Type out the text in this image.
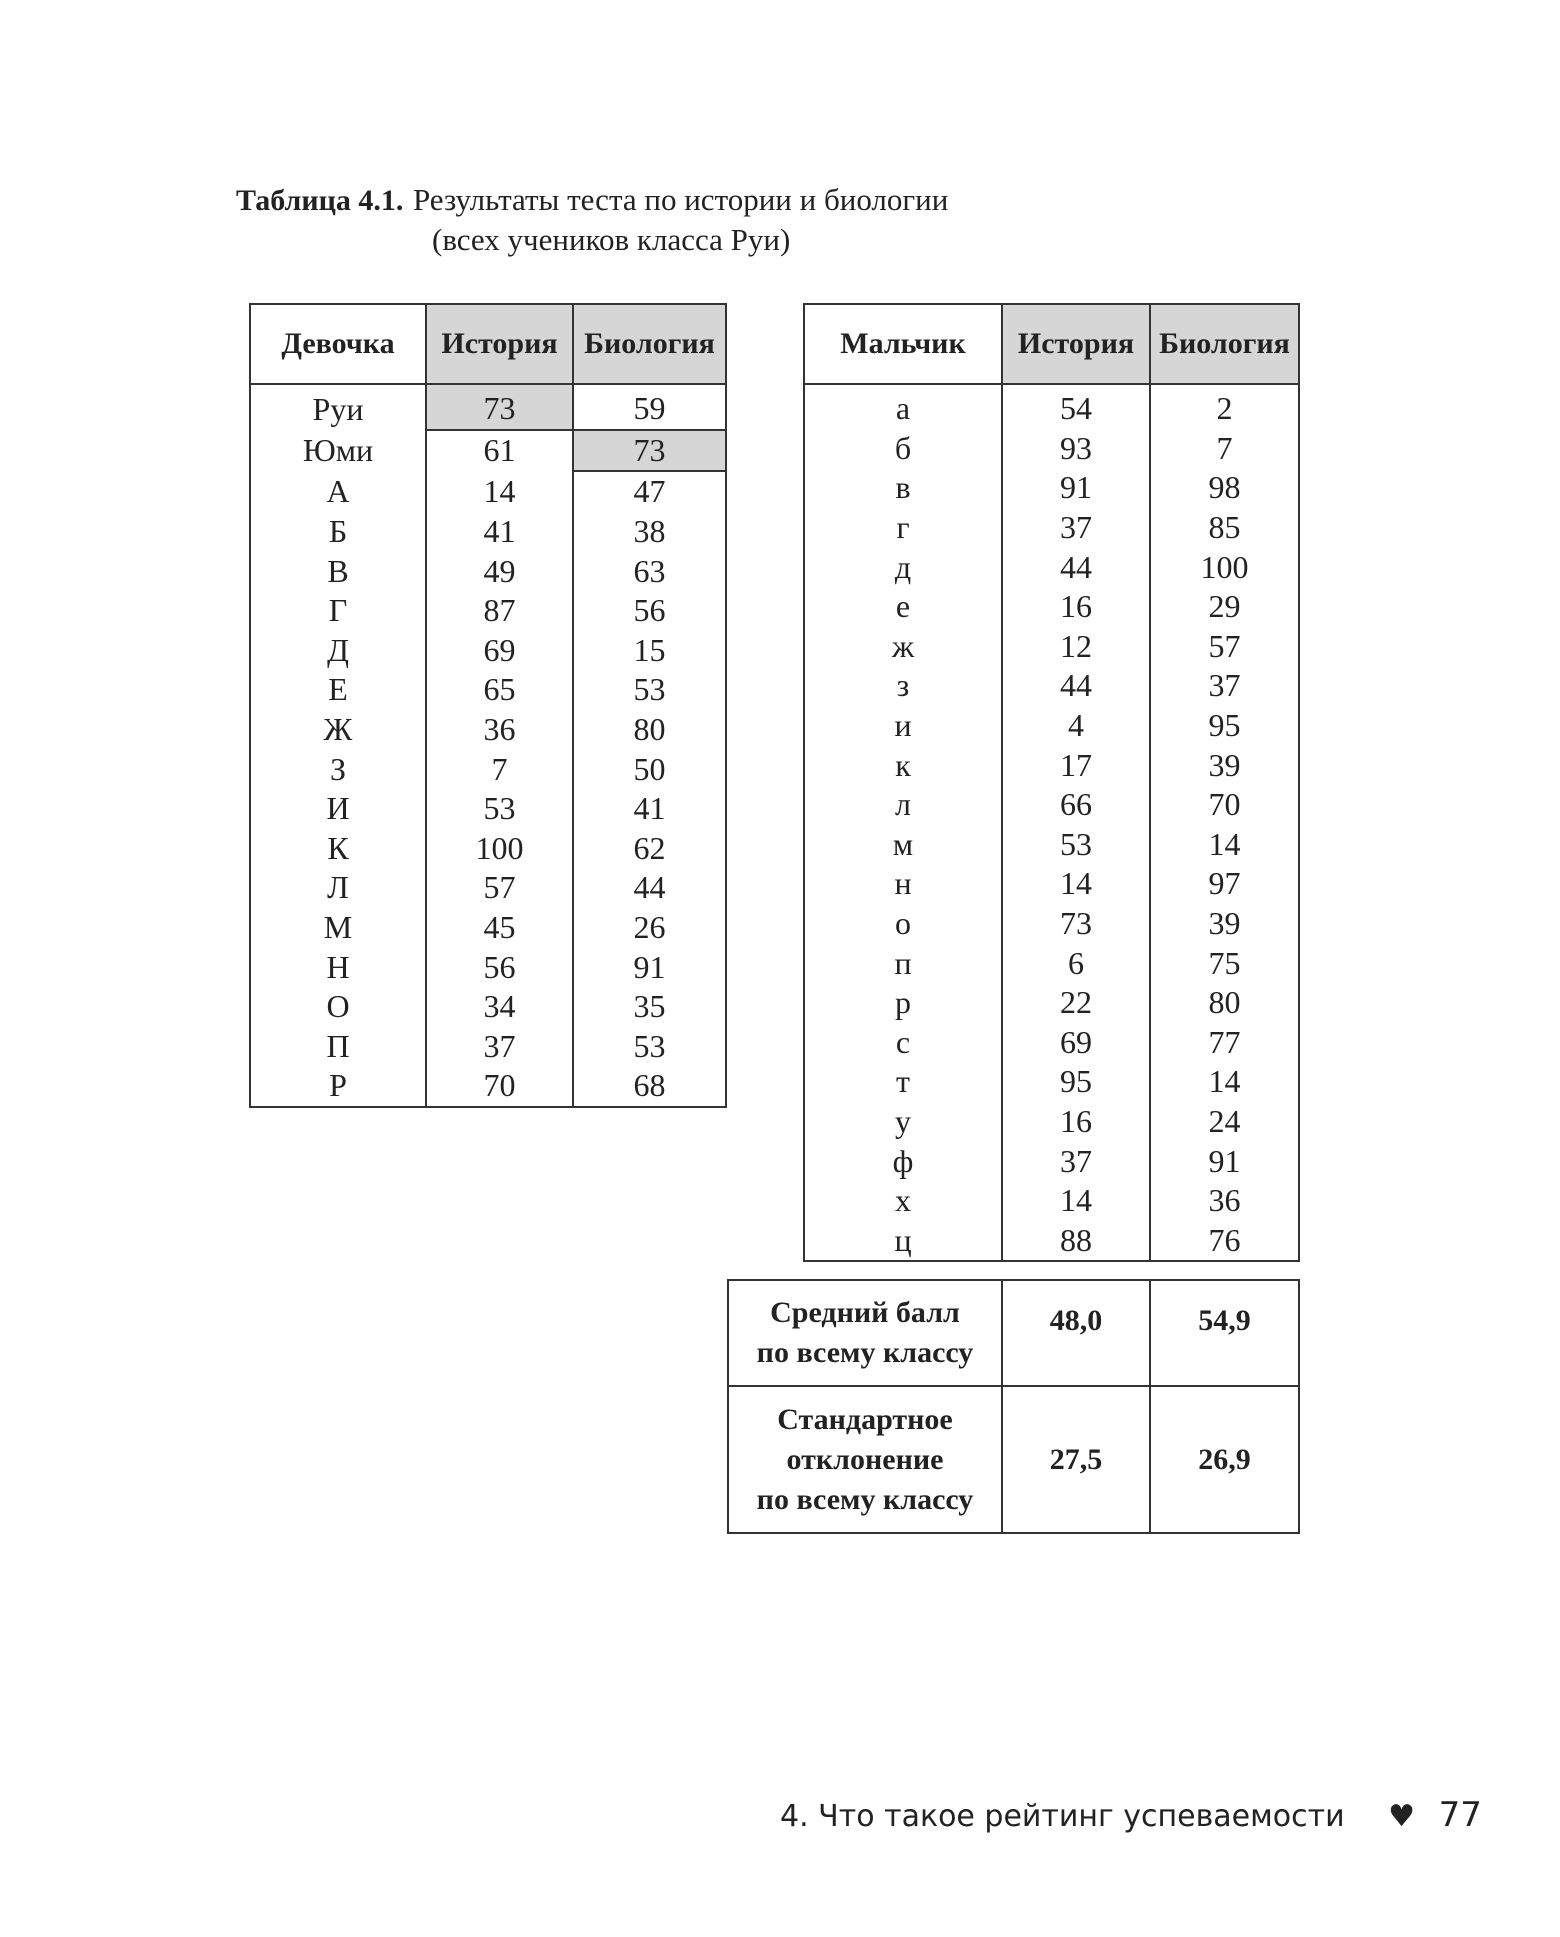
Таблица 4.1. Результаты теста по истории и биологии
(всех учеников класса Руи)
Девочка	История	Биология
Руи	73	59
Юми	61	73
А	14	47
Б	41	38
В	49	63
Г	87	56
Д	69	15
Е	65	53
Ж	36	80
З	7	50
И	53	41
К	100	62
Л	57	44
М	45	26
Н	56	91
О	34	35
П	37	53
Р	70	68
Мальчик	История	Биология
а	54	2
б	93	7
в	91	98
г	37	85
д	44	100
е	16	29
ж	12	57
з	44	37
и	4	95
к	17	39
л	66	70
м	53	14
н	14	97
о	73	39
п	6	75
р	22	80
с	69	77
т	95	14
у	16	24
ф	37	91
х	14	36
ц	88	76
Средний балл
по всему классу	48,0	54,9

Стандартное
отклонение
по всему классу	27,5	26,9
4. Что такое рейтинг успеваемости ♥ 77
